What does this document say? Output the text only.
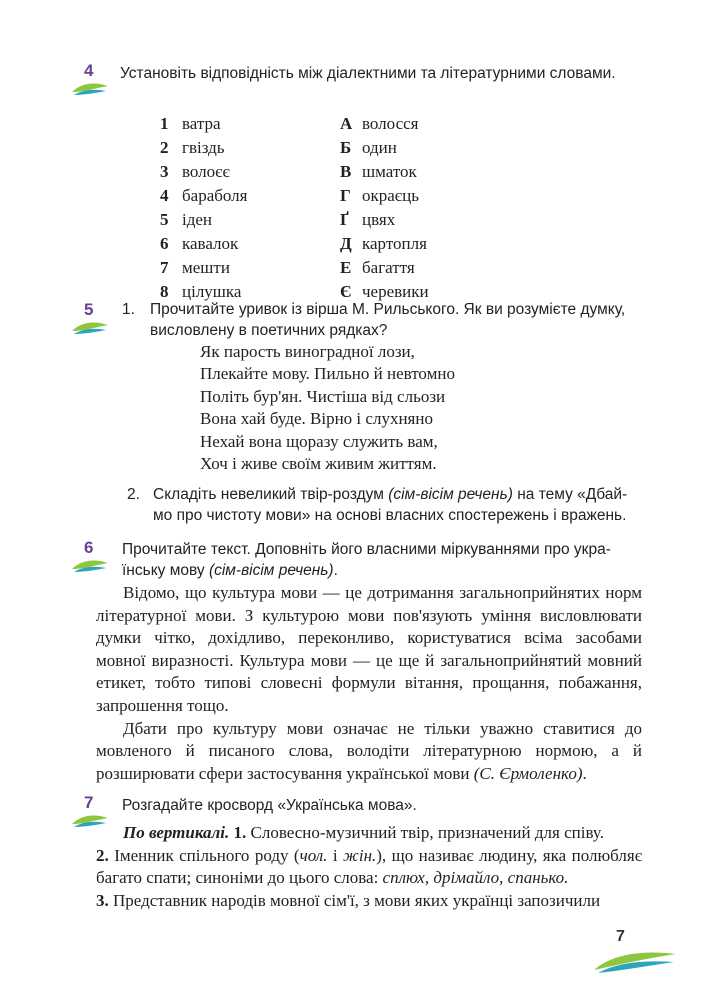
4 Установіть відповідність між діалектними та літературними словами.
1 ватра	А волосся
2 гвіздь	Б один
3 волоєє	В шматок
4 бараболя	Г окраєць
5 іден	Ґ цвях
6 кавалок	Д картопля
7 мешти	Е багаття
8 цілушка	Є черевики
5 1. Прочитайте уривок із вірша М. Рильського. Як ви розумієте думку,
висловлену в поетичних рядках?
Як парость виноградної лози,
Плекайте мову. Пильно й невтомно
Політь бур'ян. Чистіша від сльози
Вона хай буде. Вірно і слухняно
Нехай вона щоразу служить вам,
Хоч і живе своїм живим життям.
2. Складіть невеликий твір-роздум (сім-вісім речень) на тему «Дбай-
мо про чистоту мови» на основі власних спостережень і вражень.
6 Прочитайте текст. Доповніть його власними міркуваннями про укра-
їнську мову (сім-вісім речень).

Відомо, що культура мови — це дотримання загальноприйнятих норм літературної мови. З культурою мови пов'язують уміння висловлювати думки чітко, дохідливо, переконливо, користуватися всіма засобами мовної виразності. Культура мови — це ще й загальноприйнятий мовний етикет, тобто типові словесні формули вітання, прощання, побажання, запрошення тощо.

Дбати про культуру мови означає не тільки уважно ставитися до мовленого й писаного слова, володіти літературною нормою, а й розширювати сфери застосування української мови (С. Єрмоленко).

7 Розгадайте кросворд «Українська мова».

По вертикалі. 1. Словесно-музичний твір, призначений для співу.

2. Іменник спільного роду (чол. і жін.), що називає людину, яка полюбляє багато спати; синоніми до цього слова: сплюх, дрімайло, спанько.

3. Представник народів мовної сім'ї, з мови яких українці запозичили

7
